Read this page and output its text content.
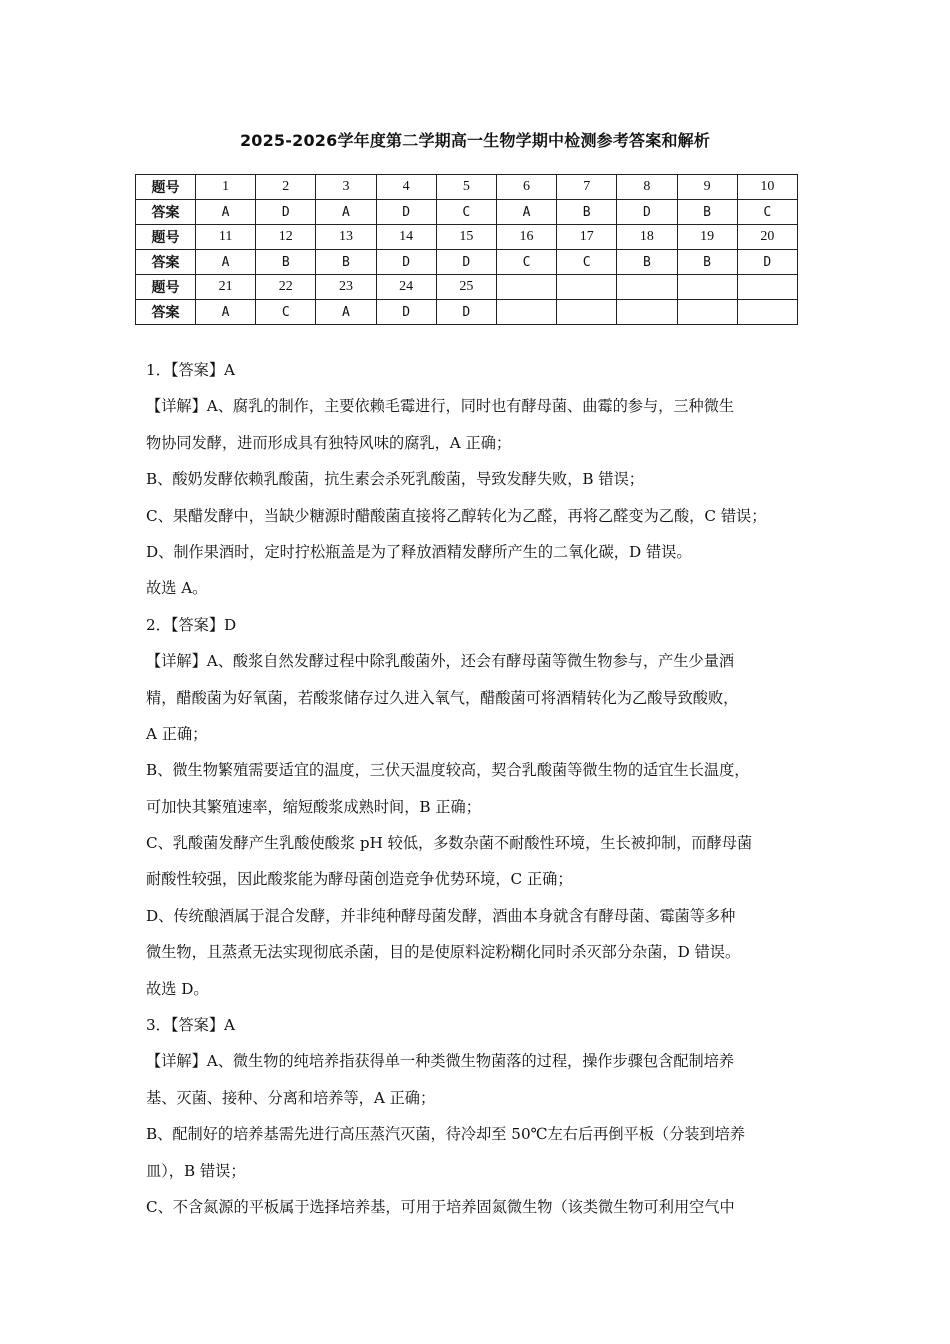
2025-2026学年度第二学期高一生物学期中检测参考答案和解析
题号	1	2	3	4	5	6	7	8	9	10
答案	A	D	A	D	C	A	B	D	B	C
题号	11	12	13	14	15	16	17	18	19	20
答案	A	B	B	D	D	C	C	B	B	D
题号	21	22	23	24	25					
答案	A	C	A	D	D					
1．【答案】A
【详解】A、腐乳的制作，主要依赖毛霉进行，同时也有酵母菌、曲霉的参与，三种微生
物协同发酵，进而形成具有独特风味的腐乳，A 正确；
B、酸奶发酵依赖乳酸菌，抗生素会杀死乳酸菌，导致发酵失败，B 错误；
C、果醋发酵中，当缺少糖源时醋酸菌直接将乙醇转化为乙醛，再将乙醛变为乙酸，C 错误；
D、制作果酒时，定时拧松瓶盖是为了释放酒精发酵所产生的二氧化碳，D 错误。
故选 A。
2．【答案】D
【详解】A、酸浆自然发酵过程中除乳酸菌外，还会有酵母菌等微生物参与，产生少量酒
精，醋酸菌为好氧菌，若酸浆储存过久进入氧气，醋酸菌可将酒精转化为乙酸导致酸败，
A 正确；
B、微生物繁殖需要适宜的温度，三伏天温度较高，契合乳酸菌等微生物的适宜生长温度，
可加快其繁殖速率，缩短酸浆成熟时间，B 正确；
C、乳酸菌发酵产生乳酸使酸浆 pH 较低，多数杂菌不耐酸性环境，生长被抑制，而酵母菌
耐酸性较强，因此酸浆能为酵母菌创造竞争优势环境，C 正确；
D、传统酿酒属于混合发酵，并非纯种酵母菌发酵，酒曲本身就含有酵母菌、霉菌等多种
微生物，且蒸煮无法实现彻底杀菌，目的是使原料淀粉糊化同时杀灭部分杂菌，D 错误。
故选 D。
3．【答案】A
【详解】A、微生物的纯培养指获得单一种类微生物菌落的过程，操作步骤包含配制培养
基、灭菌、接种、分离和培养等，A 正确；
B、配制好的培养基需先进行高压蒸汽灭菌，待冷却至 50℃左右后再倒平板（分装到培养
皿），B 错误；
C、不含氮源的平板属于选择培养基，可用于培养固氮微生物（该类微生物可利用空气中
